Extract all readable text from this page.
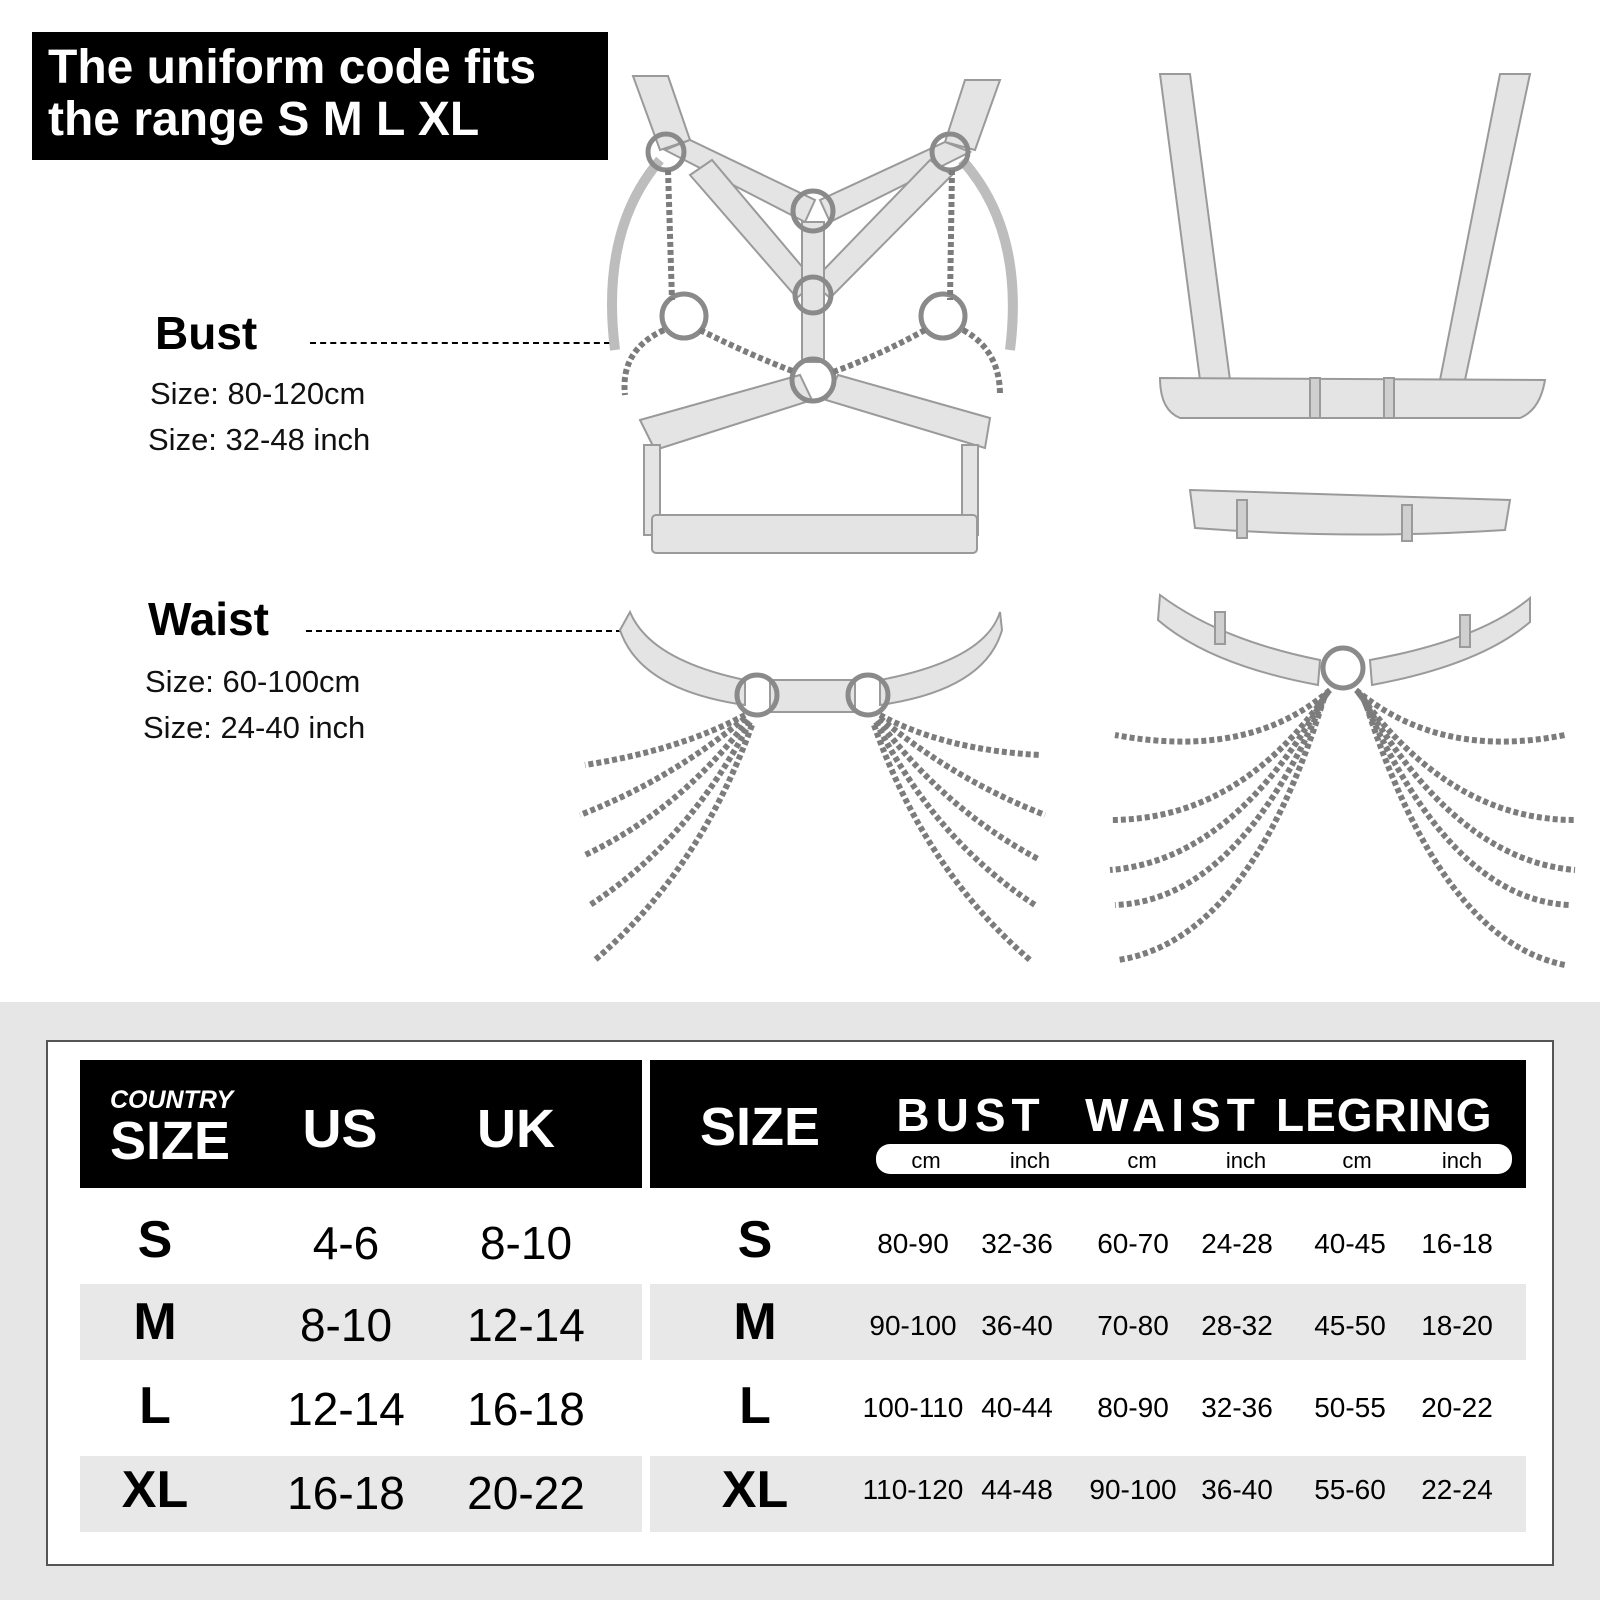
The uniform code fits
the range S M L XL
Bust
Size: 80-120cm
Size: 32-48 inch
Waist
Size: 60-100cm
Size: 24-40 inch
COUNTRY
SIZE	US	UK	SIZE	BUST WAIST LEGRING
cm	inch	cm	inch	cm	inch
S	4-6	8-10
M	8-10	12-14
L	12-14	16-18
XL	16-18	20-22
S	80-90	32-36	60-70	24-28	40-45	16-18
M	90-100 36-40	70-80	28-32	45-50	18-20
L	100-110 40-44	80-90	32-36	50-55	20-22
XL	110-120 44-48	90-100 36-40	55-60	22-24
